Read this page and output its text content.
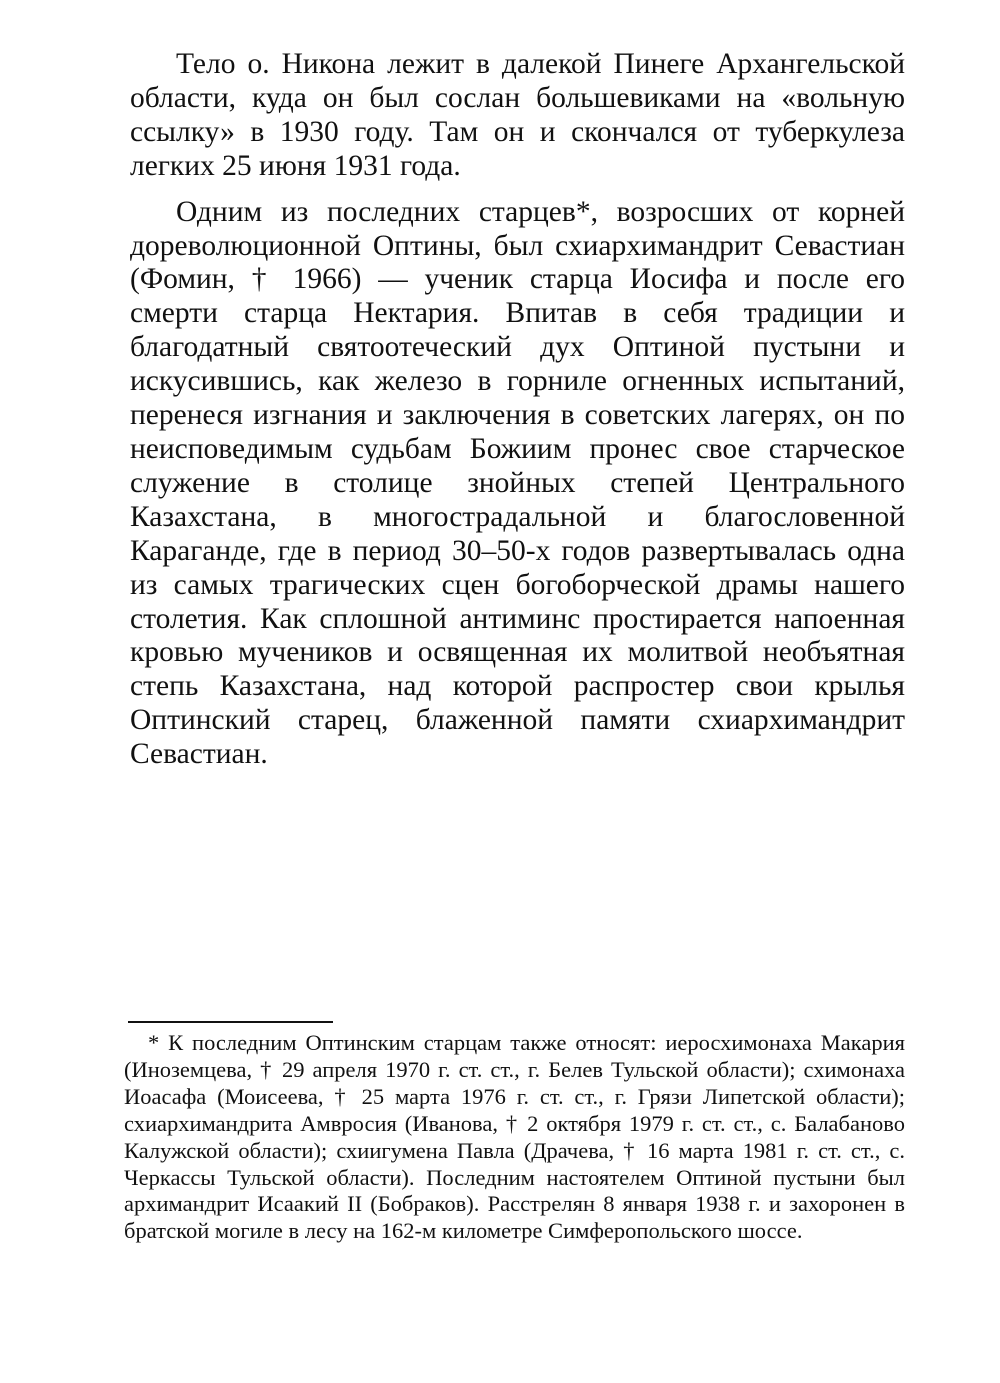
Тело о. Никона лежит в далекой Пинеге Архангельской области, куда он был сослан большевиками на «вольную ссылку» в 1930 году. Там он и скончался от туберкулеза легких 25 июня 1931 года.

Одним из последних старцев*, возросших от корней дореволюционной Оптины, был схиархимандрит Севастиан (Фомин, † 1966) — ученик старца Иосифа и после его смерти старца Нектария. Впитав в себя традиции и благодатный святоотеческий дух Оптиной пустыни и искусившись, как железо в горниле огненных испытаний, перенеся изгнания и заключения в советских лагерях, он по неисповедимым судьбам Божиим пронес свое старческое служение в столице знойных степей Центрального Казахстана, в многострадальной и благословенной Караганде, где в период 30–50-х годов развертывалась одна из самых трагических сцен богоборческой драмы нашего столетия. Как сплошной антиминс простирается напоенная кровью мучеников и освященная их молитвой необъятная степь Казахстана, над которой распростер свои крылья Оптинский старец, блаженной памяти схиархимандрит Севастиан.

* К последним Оптинским старцам также относят: иеросхимонаха Макария (Иноземцева, † 29 апреля 1970 г. ст. ст., г. Белев Тульской области); схимонаха Иоасафа (Моисеева, † 25 марта 1976 г. ст. ст., г. Грязи Липетской области); схиархимандрита Амвросия (Иванова, † 2 октября 1979 г. ст. ст., с. Балабаново Калужской области); схиигумена Павла (Драчева, † 16 марта 1981 г. ст. ст., с. Черкассы Тульской области). Последним настоятелем Оптиной пустыни был архимандрит Исаакий II (Бобраков). Расстрелян 8 января 1938 г. и захоронен в братской могиле в лесу на 162-м километре Симферопольского шоссе.
